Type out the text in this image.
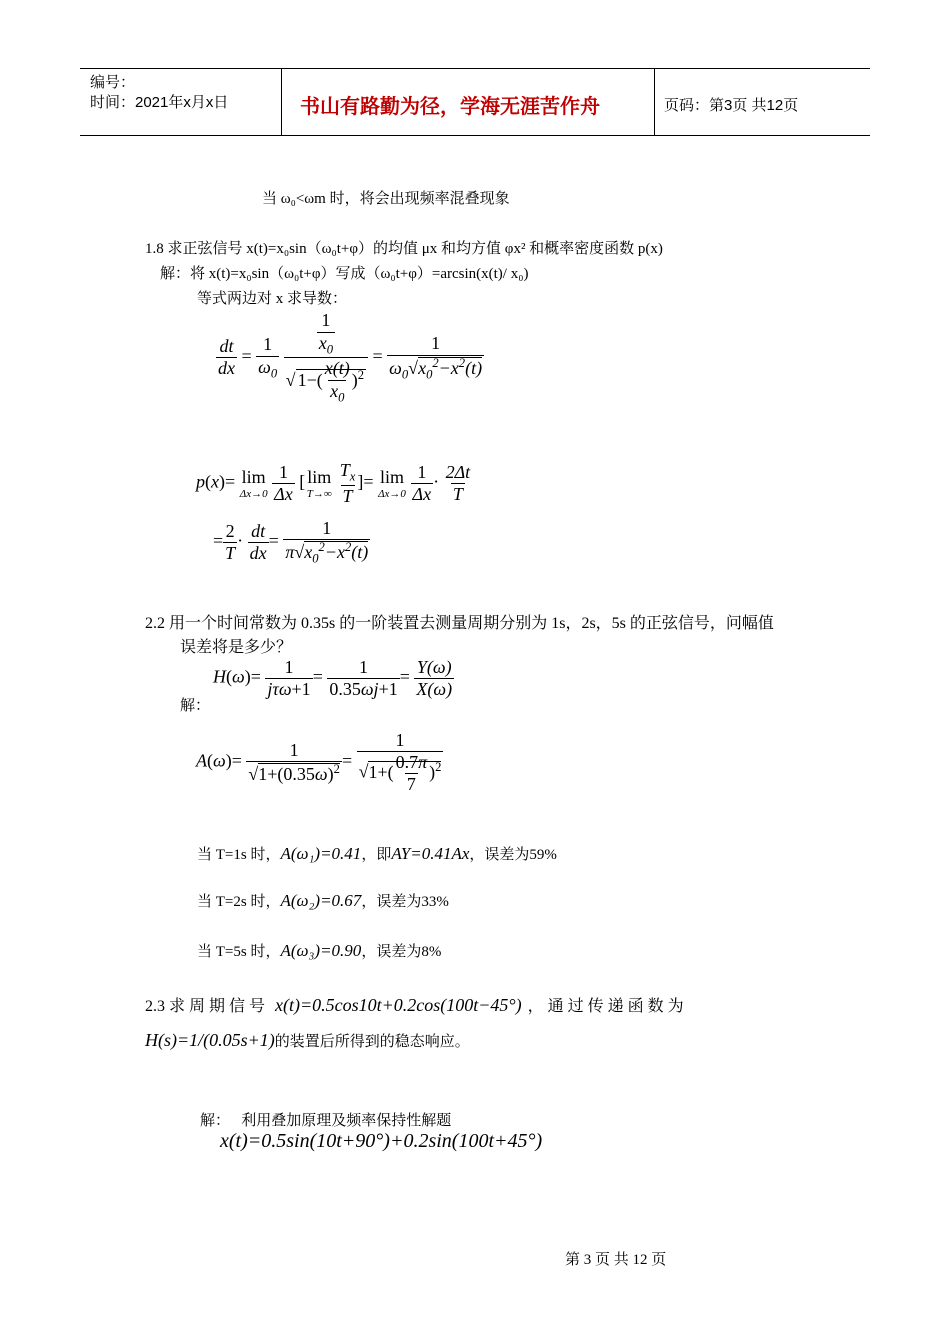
编号：
时间：2021年x月x日	书山有路勤为径，学海无涯苦作舟	页码：第3页 共12页
当 ω₀<ωm 时，将会出现频率混叠现象
1.8 求正弦信号 x(t)=x₀sin（ω₀t+φ）的均值 μx 和均方值 φx² 和概率密度函数 p(x)
解：将 x(t)=x₀sin（ω₀t+φ）写成（ω₀t+φ）=arcsin(x(t)/ x₀)
等式两边对 x 求导数：
$\frac{dt}{dx} = \frac{1}{\omega_0}$
$\frac{\frac{1}{x_0}}{√ 1-( \frac{x(t)}{x_0} )^2} = \frac{1}{\omega_0√x_0^2-x^2(t)}$
p(x)= lim
Δx→0
$\frac{1}{\Delta x}$ [ lim
T→∞
$\frac{T_x}{T}$ ]= lim
Δx→0
$\frac{1}{\Delta x} \cdot \frac{2\Delta t}{T}$
= $\frac{2}{T} \cdot \frac{dt}{dx} = \frac{1}{\pi√x_0^2-x^2(t)}$
2.2 用一个时间常数为 0.35s 的一阶装置去测量周期分别为 1s，2s，5s 的正弦信号，问幅值
误差将是多少？
解：
$H(\omega)= \frac{1}{\text{jτω+1}} = \frac{1}{0.35\omega j+1} = \frac{Y(\omega)}{X(\omega)}$
$A(\omega)= \frac{1}{√1+(0.35\omega)^2} = \frac{1}{√1+( \frac{0.7\pi}{7} )^2}$
当 T=1s 时，A(ω₁)=0.41，即AY=0.41Ax，误差为59%
当 T=2s 时，A(ω₂)=0.67，误差为33%
当 T=5s 时，A(ω₃)=0.90，误差为8%
2.3 求 周 期 信 号 x(t)=0.5cos10t+0.2cos(100t−45°) ， 通 过 传 递 函 数 为
H(s)=1/(0.05s+1)的装置后所得到的稳态响应。
解：   利用叠加原理及频率保持性解题
x(t)=0.5sin(10t+90°)+0.2sin(100t+45°)
第 3 页 共 12 页
